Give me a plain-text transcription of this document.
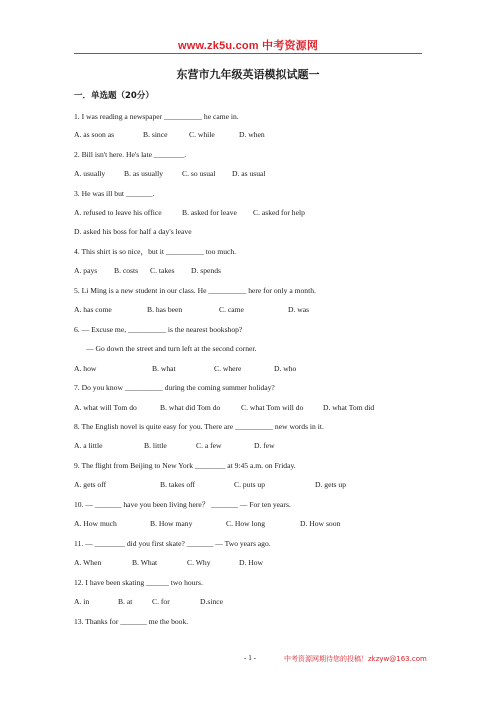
www.zk5u.com 中考资源网
东营市九年级英语模拟试题一
一．单选题（20分）
1. I was reading a newspaper __________ he came in.
A. as soon as	B. since	C. while	D. when
2. Bill isn't here. He's late ________.
A. usually B. as usually C. so usual D. as usual
3. He was ill but _______.
A. refused to leave his office	B. asked for leave C. asked for help
D. asked his boss for half a day's leave
4. This shirt is so nice，but it __________ too much.
A. pays B. costs C. takes D. spends
5. Li Ming is a new student in our class. He __________ here for only a month.
A. has come	B. has been	C. came	D. was
6. — Excuse me, __________ is the nearest bookshop?
— Go down the street and turn left at the second corner.
A. how	B. what	C. where	D. who
7. Do you know __________ during the coming summer holiday?
A. what will Tom do	B. what did Tom do	C. what Tom will do	D. what Tom did
8. The English novel is quite easy for you. There are __________ new words in it.
A. a little	B. little	C. a few	D. few
9. The flight from Beijing to New York ________ at 9:45 a.m. on Friday.
A. gets off	B. takes off	C. puts up	D. gets up
10. — _______ have you been living here？ _______ — For ten years.
A. How much	B. How many	C. How long	D. How soon
11. — ________ did you first skate? _______ — Two years ago.
A. When	B. What	C. Why	D. How
12. I have been skating ______ two hours.
A. in	B. at	C. for	D.since
13. Thanks for _______ me the book.
- 1 -	中考资源网期待您的投稿！zkzyw@163.com
